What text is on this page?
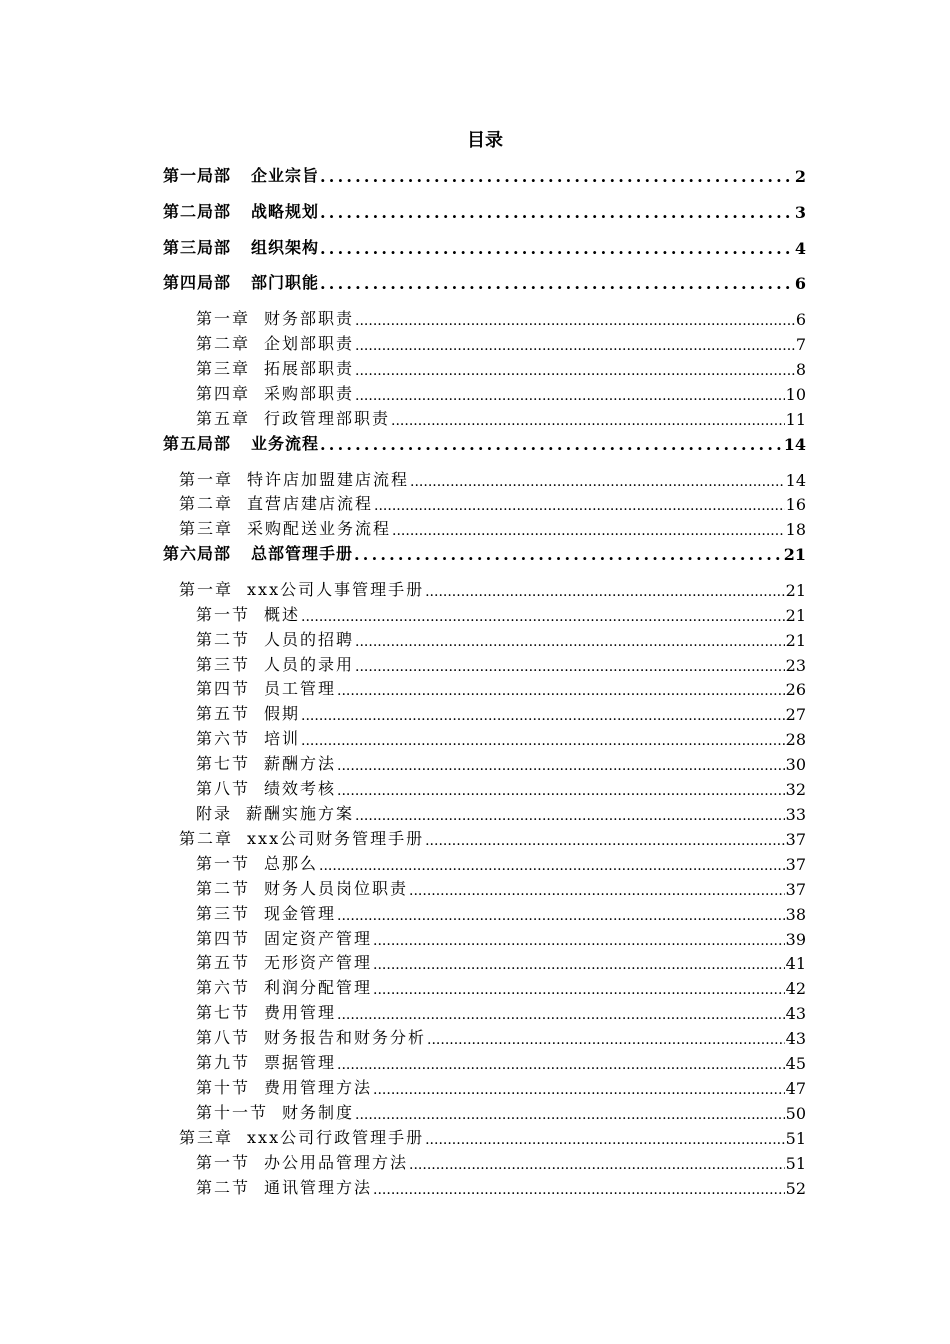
目录
第一局部 企业宗旨 .....	2
第二局部 战略规划 .....	3
第三局部 组织架构 .....	4
第四局部 部门职能 .....	6
第一章 财务部职责 .....	6
第二章 企划部职责 .....	7
第三章 拓展部职责 .....	8
第四章 采购部职责 .....	10
第五章 行政管理部职责 .....	11
第五局部 业务流程 .....	14
第一章 特许店加盟建店流程 .....	14
第二章 直营店建店流程 .....	16
第三章 采购配送业务流程 .....	18
第六局部 总部管理手册 .....	21
第一章 xxx公司人事管理手册 .....	21
第一节 概述 .....	21
第二节 人员的招聘 .....	21
第三节 人员的录用 .....	23
第四节 员工管理 .....	26
第五节 假期 .....	27
第六节 培训 .....	28
第七节 薪酬方法 .....	30
第八节 绩效考核 .....	32
附录 薪酬实施方案 .....	33
第二章 xxx公司财务管理手册 .....	37
第一节 总那么 .....	37
第二节 财务人员岗位职责 .....	37
第三节 现金管理 .....	38
第四节 固定资产管理 .....	39
第五节 无形资产管理 .....	41
第六节 利润分配管理 .....	42
第七节 费用管理 .....	43
第八节 财务报告和财务分析 .....	43
第九节 票据管理 .....	45
第十节 费用管理方法 .....	47
第十一节 财务制度 .....	50
第三章 xxx公司行政管理手册 .....	51
第一节 办公用品管理方法 .....	51
第二节 通讯管理方法 .....	52
